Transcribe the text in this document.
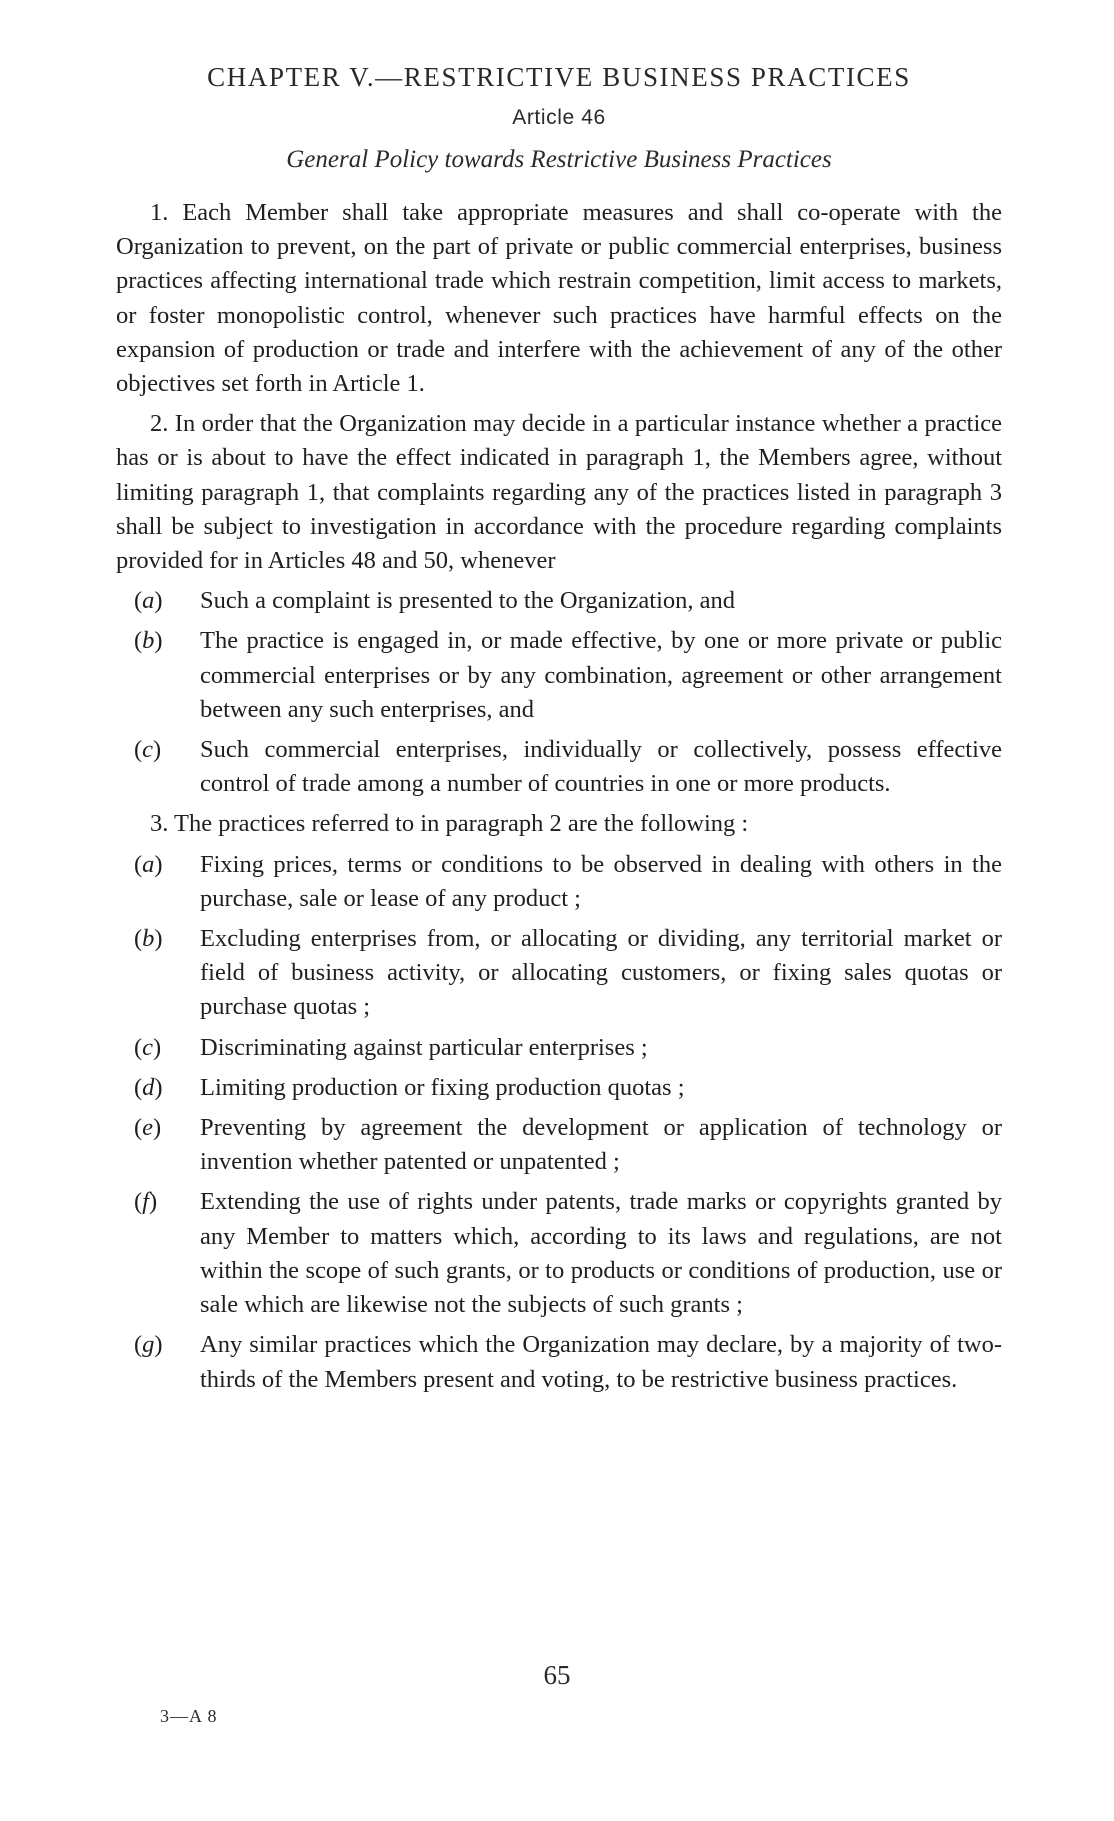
CHAPTER V.—RESTRICTIVE BUSINESS PRACTICES
Article 46
General Policy towards Restrictive Business Practices

1. Each Member shall take appropriate measures and shall co-operate with the Organization to prevent, on the part of private or public commercial enterprises, business practices affecting international trade which restrain competition, limit access to markets, or foster monopolistic control, whenever such practices have harmful effects on the expansion of production or trade and interfere with the achievement of any of the other objectives set forth in Article 1.

2. In order that the Organization may decide in a particular instance whether a practice has or is about to have the effect indicated in paragraph 1, the Members agree, without limiting paragraph 1, that complaints regarding any of the practices listed in paragraph 3 shall be subject to investigation in accordance with the procedure regarding complaints provided for in Articles 48 and 50, whenever

(a)	Such a complaint is presented to the Organization, and
(b)	The practice is engaged in, or made effective, by one or more private or public commercial enterprises or by any combination, agreement or other arrangement between any such enterprises, and
(c)	Such commercial enterprises, individually or collectively, possess effective control of trade among a number of countries in one or more products.

3. The practices referred to in paragraph 2 are the following :

(a)	Fixing prices, terms or conditions to be observed in dealing with others in the purchase, sale or lease of any product ;
(b)	Excluding enterprises from, or allocating or dividing, any territorial market or field of business activity, or allocating customers, or fixing sales quotas or purchase quotas ;
(c)	Discriminating against particular enterprises ;
(d)	Limiting production or fixing production quotas ;
(e)	Preventing by agreement the development or application of technology or invention whether patented or unpatented ;
(f)	Extending the use of rights under patents, trade marks or copyrights granted by any Member to matters which, according to its laws and regulations, are not within the scope of such grants, or to products or conditions of production, use or sale which are likewise not the subjects of such grants ;
(g)	Any similar practices which the Organization may declare, by a majority of two-thirds of the Members present and voting, to be restrictive business practices.
65
3—A 8
